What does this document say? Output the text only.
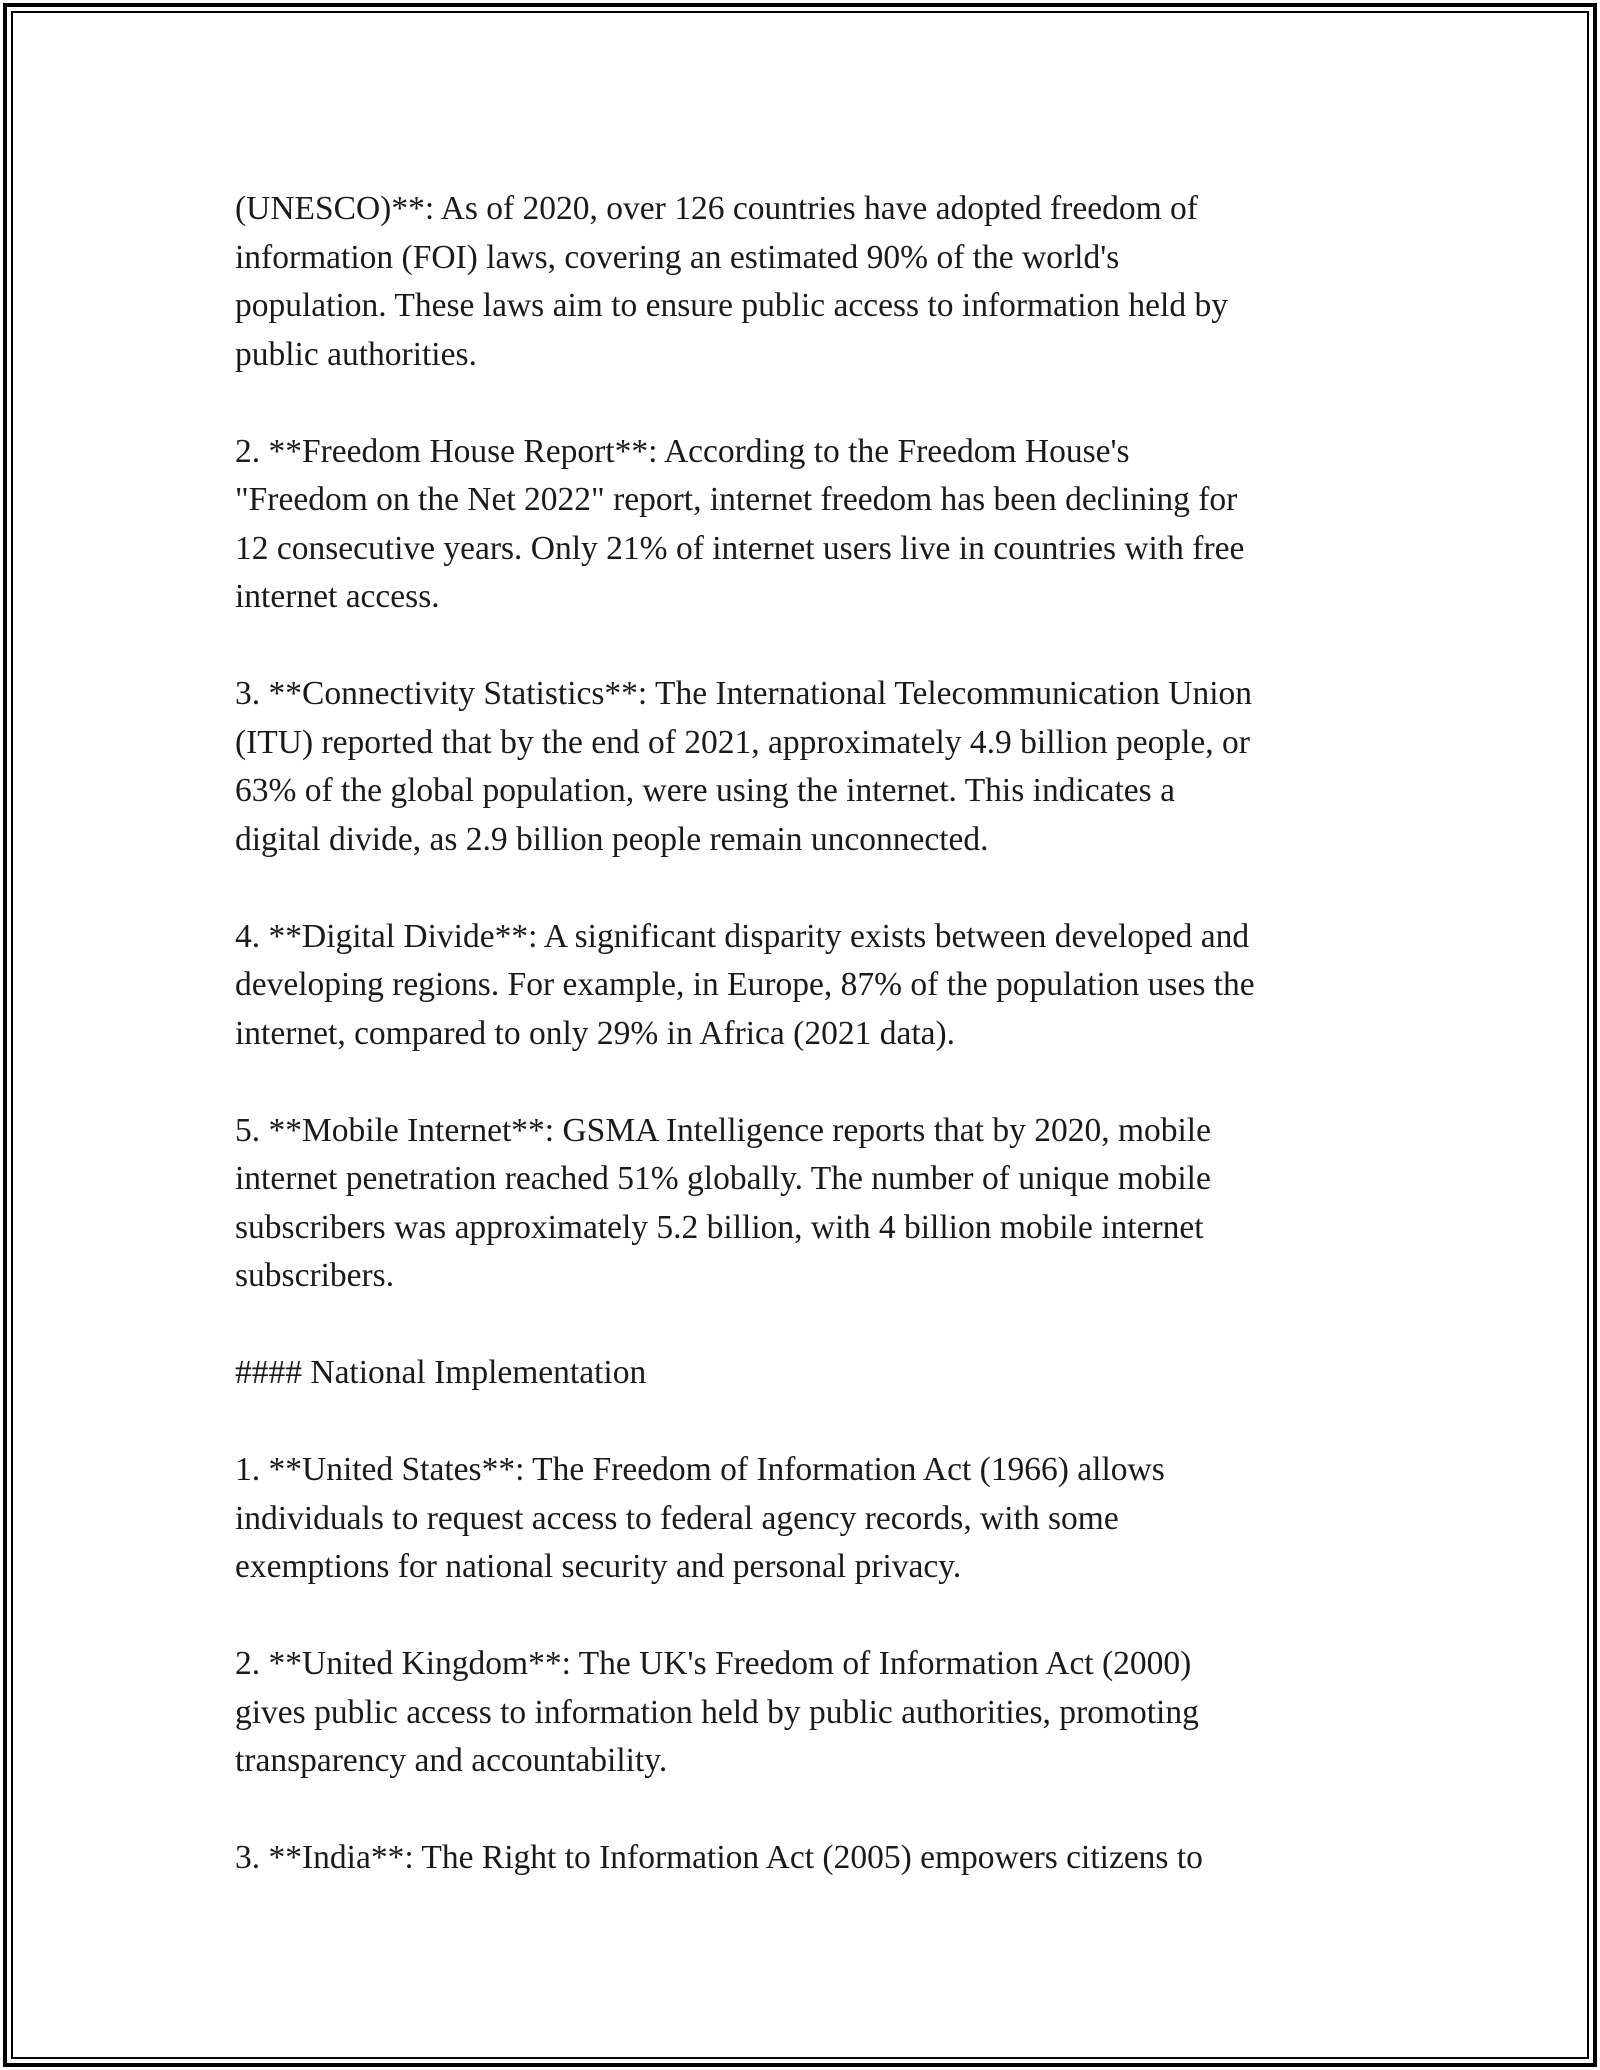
(UNESCO)**: As of 2020, over 126 countries have adopted freedom of
information (FOI) laws, covering an estimated 90% of the world's
population. These laws aim to ensure public access to information held by
public authorities.

2. **Freedom House Report**: According to the Freedom House's
"Freedom on the Net 2022" report, internet freedom has been declining for
12 consecutive years. Only 21% of internet users live in countries with free
internet access.

3. **Connectivity Statistics**: The International Telecommunication Union
(ITU) reported that by the end of 2021, approximately 4.9 billion people, or
63% of the global population, were using the internet. This indicates a
digital divide, as 2.9 billion people remain unconnected.

4. **Digital Divide**: A significant disparity exists between developed and
developing regions. For example, in Europe, 87% of the population uses the
internet, compared to only 29% in Africa (2021 data).

5. **Mobile Internet**: GSMA Intelligence reports that by 2020, mobile
internet penetration reached 51% globally. The number of unique mobile
subscribers was approximately 5.2 billion, with 4 billion mobile internet
subscribers.

#### National Implementation

1. **United States**: The Freedom of Information Act (1966) allows
individuals to request access to federal agency records, with some
exemptions for national security and personal privacy.

2. **United Kingdom**: The UK's Freedom of Information Act (2000)
gives public access to information held by public authorities, promoting
transparency and accountability.

3. **India**: The Right to Information Act (2005) empowers citizens to
